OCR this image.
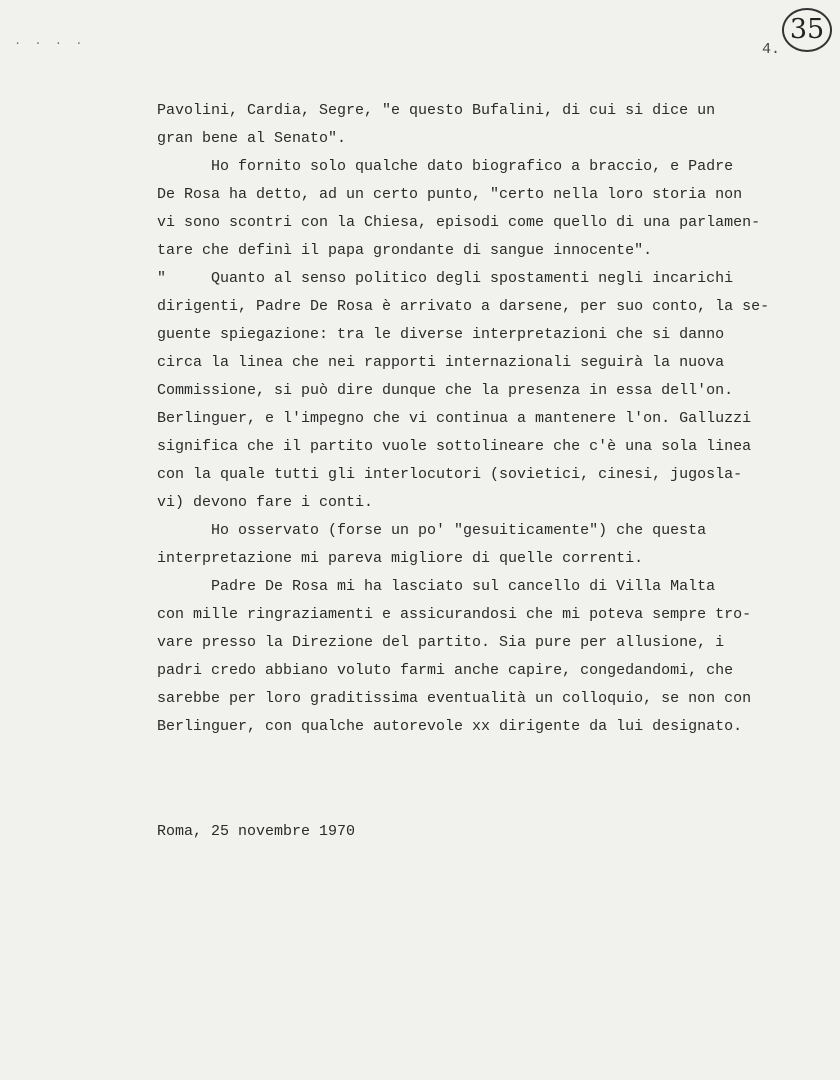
. . . .	4.
35
Pavolini, Cardia, Segre, "e questo Bufalini, di cui si dice un
gran bene al Senato".
Ho fornito solo qualche dato biografico a braccio, e Padre
De Rosa ha detto, ad un certo punto, "certo nella loro storia non
vi sono scontri con la Chiesa, episodi come quello di una parlamen-
tare che definì il papa grondante di sangue innocente".
"     Quanto al senso politico degli spostamenti negli incarichi
dirigenti, Padre De Rosa è arrivato a darsene, per suo conto, la se-
guente spiegazione: tra le diverse interpretazioni che si danno
circa la linea che nei rapporti internazionali seguirà la nuova
Commissione, si può dire dunque che la presenza in essa dell'on.
Berlinguer, e l'impegno che vi continua a mantenere l'on. Galluzzi
significa che il partito vuole sottolineare che c'è una sola linea
con la quale tutti gli interlocutori (sovietici, cinesi, jugosla-
vi) devono fare i conti.
Ho osservato (forse un po' "gesuiticamente") che questa
interpretazione mi pareva migliore di quelle correnti.
Padre De Rosa mi ha lasciato sul cancello di Villa Malta
con mille ringraziamenti e assicurandosi che mi poteva sempre tro-
vare presso la Direzione del partito. Sia pure per allusione, i
padri credo abbiano voluto farmi anche capire, congedandomi, che
sarebbe per loro graditissima eventualità un colloquio, se non con
Berlinguer, con qualche autorevole xx dirigente da lui designato.
Roma, 25 novembre 1970
